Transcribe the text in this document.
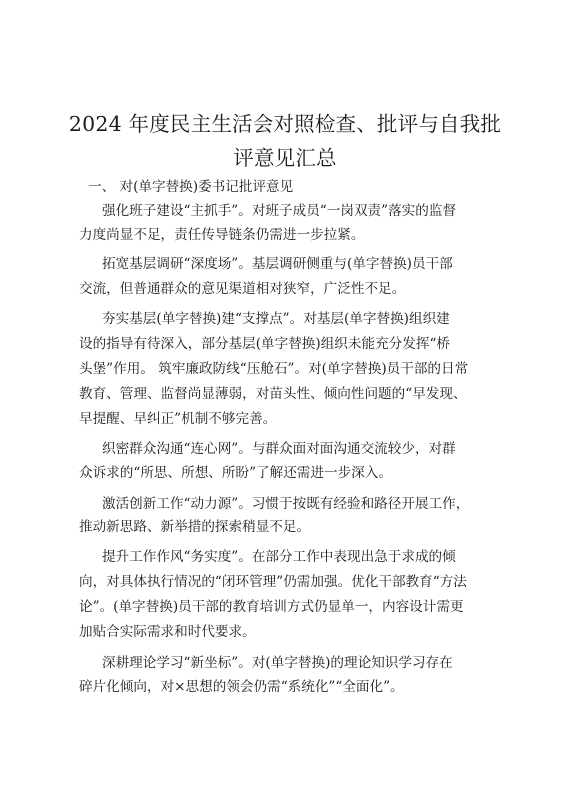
2024 年度民主生活会对照检查、批评与自我批
评意见汇总
一、 对(单字替换)委书记批评意见
强化班子建设“主抓手”。对班子成员“一岗双责”落实的监督
力度尚显不足，责任传导链条仍需进一步拉紧。
拓宽基层调研“深度场”。基层调研侧重与(单字替换)员干部
交流，但普通群众的意见渠道相对狭窄，广泛性不足。
夯实基层(单字替换)建“支撑点”。对基层(单字替换)组织建
设的指导有待深入，部分基层(单字替换)组织未能充分发挥“桥
头堡”作用。 筑牢廉政防线“压舱石”。对(单字替换)员干部的日常
教育、管理、监督尚显薄弱，对苗头性、倾向性问题的“早发现、
早提醒、早纠正”机制不够完善。
织密群众沟通“连心网”。与群众面对面沟通交流较少，对群
众诉求的“所思、所想、所盼”了解还需进一步深入。
激活创新工作“动力源”。习惯于按既有经验和路径开展工作，
推动新思路、新举措的探索稍显不足。
提升工作作风“务实度”。在部分工作中表现出急于求成的倾
向，对具体执行情况的“闭环管理”仍需加强。优化干部教育“方法
论”。(单字替换)员干部的教育培训方式仍显单一，内容设计需更
加贴合实际需求和时代要求。
深耕理论学习“新坐标”。对(单字替换)的理论知识学习存在
碎片化倾向，对×思想的领会仍需“系统化”“全面化”。
